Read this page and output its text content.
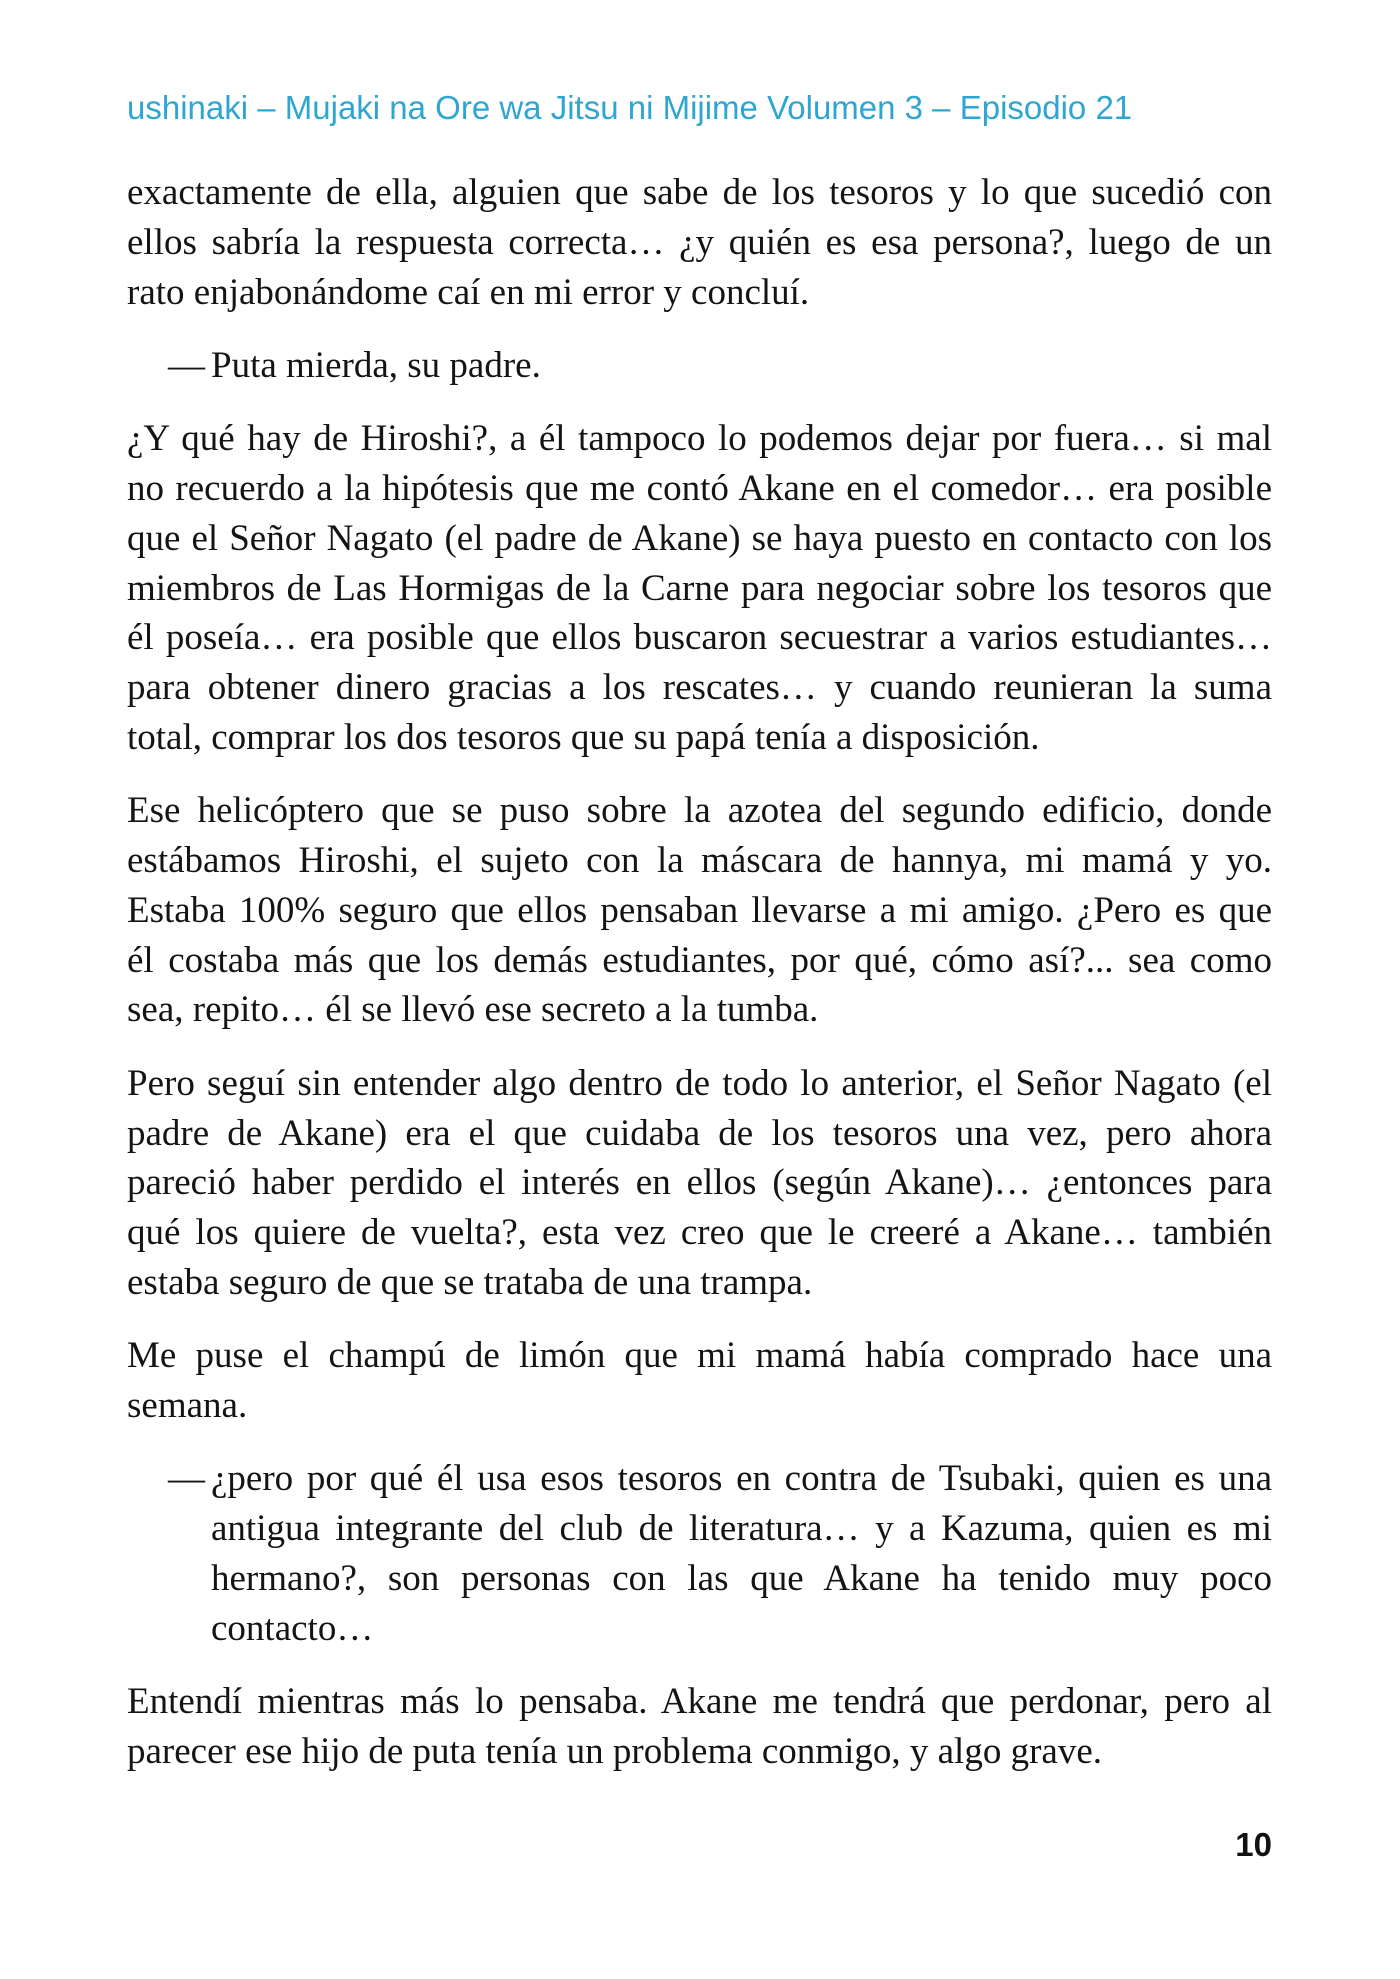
ushinaki – Mujaki na Ore wa Jitsu ni Mijime Volumen 3 – Episodio 21
exactamente de ella, alguien que sabe de los tesoros y lo que sucedió con
ellos sabría la respuesta correcta… ¿y quién es esa persona?, luego de un
rato enjabonándome caí en mi error y concluí.
— Puta mierda, su padre.
¿Y qué hay de Hiroshi?, a él tampoco lo podemos dejar por fuera… si mal
no recuerdo a la hipótesis que me contó Akane en el comedor… era posible
que el Señor Nagato (el padre de Akane) se haya puesto en contacto con los
miembros de Las Hormigas de la Carne para negociar sobre los tesoros que
él poseía… era posible que ellos buscaron secuestrar a varios estudiantes…
para obtener dinero gracias a los rescates… y cuando reunieran la suma
total, comprar los dos tesoros que su papá tenía a disposición.
Ese helicóptero que se puso sobre la azotea del segundo edificio, donde
estábamos Hiroshi, el sujeto con la máscara de hannya, mi mamá y yo.
Estaba 100% seguro que ellos pensaban llevarse a mi amigo. ¿Pero es que
él costaba más que los demás estudiantes, por qué, cómo así?... sea como
sea, repito… él se llevó ese secreto a la tumba.
Pero seguí sin entender algo dentro de todo lo anterior, el Señor Nagato (el
padre de Akane) era el que cuidaba de los tesoros una vez, pero ahora
pareció haber perdido el interés en ellos (según Akane)… ¿entonces para
qué los quiere de vuelta?, esta vez creo que le creeré a Akane… también
estaba seguro de que se trataba de una trampa.
Me puse el champú de limón que mi mamá había comprado hace una
semana.
— ¿pero por qué él usa esos tesoros en contra de Tsubaki, quien es una
antigua integrante del club de literatura… y a Kazuma, quien es mi
hermano?, son personas con las que Akane ha tenido muy poco
contacto…
Entendí mientras más lo pensaba. Akane me tendrá que perdonar, pero al
parecer ese hijo de puta tenía un problema conmigo, y algo grave.
10
